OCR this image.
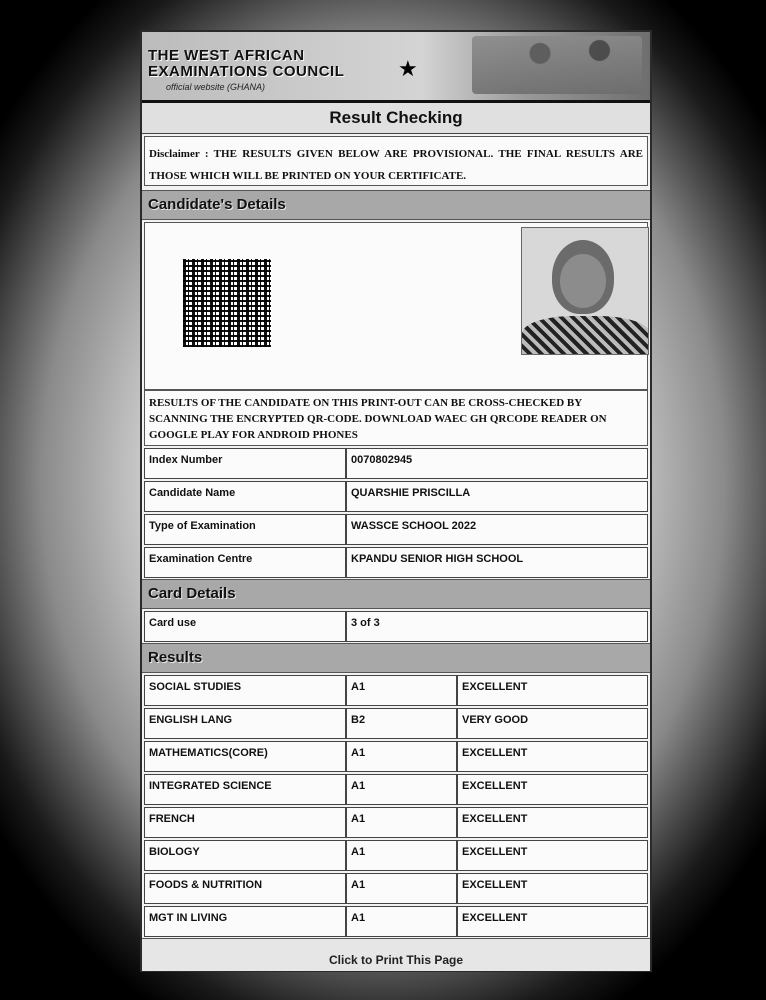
THE WEST AFRICAN
EXAMINATIONS COUNCIL
official website (GHANA)
★
Result Checking
Disclaimer : THE RESULTS GIVEN BELOW ARE PROVISIONAL. THE FINAL RESULTS ARE THOSE WHICH WILL BE PRINTED ON YOUR CERTIFICATE.
Candidate's Details
RESULTS OF THE CANDIDATE ON THIS PRINT-OUT CAN BE CROSS-CHECKED BY SCANNING THE ENCRYPTED QR-CODE. DOWNLOAD WAEC GH QRCODE READER ON GOOGLE PLAY FOR ANDROID PHONES
Index Number	0070802945
Candidate Name	QUARSHIE PRISCILLA
Type of Examination	WASSCE SCHOOL 2022
Examination Centre	KPANDU SENIOR HIGH SCHOOL
Card Details
Card use	3 of 3
Results
SOCIAL STUDIES	A1	EXCELLENT
ENGLISH LANG	B2	VERY GOOD
MATHEMATICS(CORE)	A1	EXCELLENT
INTEGRATED SCIENCE	A1	EXCELLENT
FRENCH	A1	EXCELLENT
BIOLOGY	A1	EXCELLENT
FOODS & NUTRITION	A1	EXCELLENT
MGT IN LIVING	A1	EXCELLENT
Click to Print This Page
